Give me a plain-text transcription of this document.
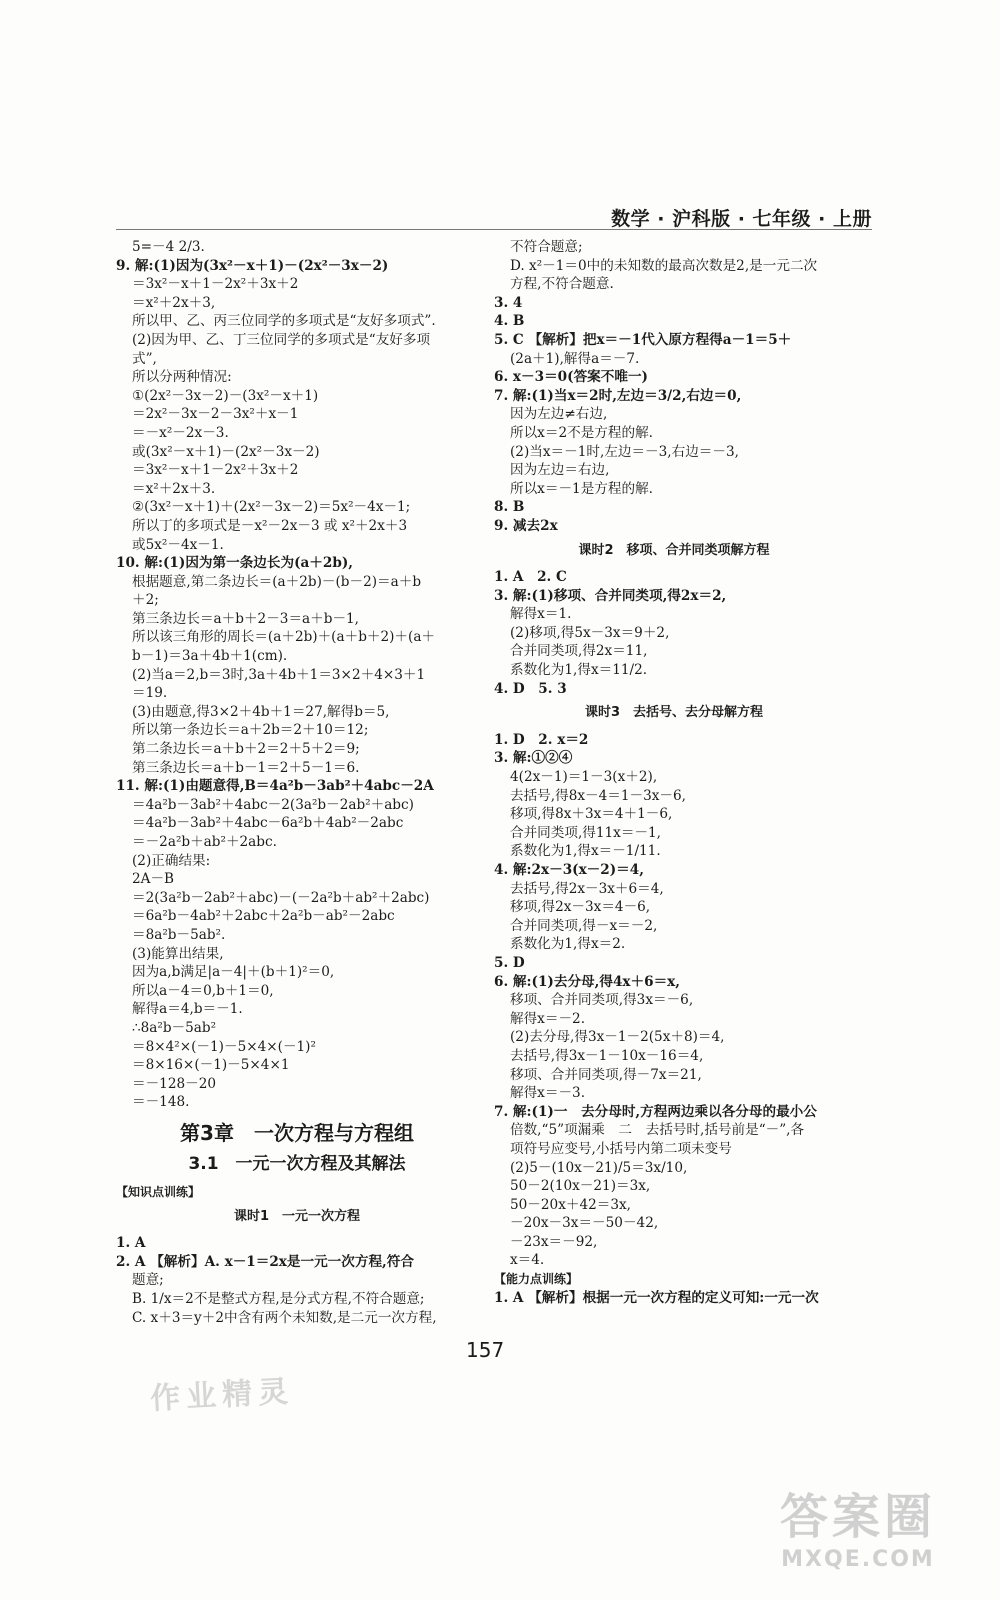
数学 · 沪科版 · 七年级 · 上册
5=－4 2/3.
9. 解:(1)因为(3x²－x＋1)－(2x²－3x－2)
＝3x²－x＋1－2x²＋3x＋2
＝x²＋2x＋3,
所以甲、乙、丙三位同学的多项式是“友好多项式”.
(2)因为甲、乙、丁三位同学的多项式是“友好多项
式”,
所以分两种情况:
①(2x²－3x－2)－(3x²－x＋1)
＝2x²－3x－2－3x²＋x－1
＝－x²－2x－3.
或(3x²－x＋1)－(2x²－3x－2)
＝3x²－x＋1－2x²＋3x＋2
＝x²＋2x＋3.
②(3x²－x＋1)＋(2x²－3x－2)＝5x²－4x－1;
所以丁的多项式是－x²－2x－3 或 x²＋2x＋3
或5x²－4x－1.
10. 解:(1)因为第一条边长为(a＋2b),
根据题意,第二条边长＝(a＋2b)－(b－2)＝a＋b
＋2;
第三条边长＝a＋b＋2－3＝a＋b－1,
所以该三角形的周长＝(a＋2b)＋(a＋b＋2)＋(a＋
b－1)＝3a＋4b＋1(cm).
(2)当a＝2,b＝3时,3a＋4b＋1＝3×2＋4×3＋1
＝19.
(3)由题意,得3×2＋4b＋1＝27,解得b＝5,
所以第一条边长＝a＋2b＝2＋10＝12;
第二条边长＝a＋b＋2＝2＋5＋2＝9;
第三条边长＝a＋b－1＝2＋5－1＝6.
11. 解:(1)由题意得,B＝4a²b－3ab²＋4abc－2A
＝4a²b－3ab²＋4abc－2(3a²b－2ab²＋abc)
＝4a²b－3ab²＋4abc－6a²b＋4ab²－2abc
＝－2a²b＋ab²＋2abc.
(2)正确结果:
2A－B
＝2(3a²b－2ab²＋abc)－(－2a²b＋ab²＋2abc)
＝6a²b－4ab²＋2abc＋2a²b－ab²－2abc
＝8a²b－5ab².
(3)能算出结果,
因为a,b满足|a－4|＋(b＋1)²＝0,
所以a－4＝0,b＋1＝0,
解得a＝4,b＝－1.
∴8a²b－5ab²
＝8×4²×(－1)－5×4×(－1)²
＝8×16×(－1)－5×4×1
＝－128－20
＝－148.
第3章　一次方程与方程组
3.1　一元一次方程及其解法
【知识点训练】
课时1　一元一次方程
1. A
2. A 【解析】A. x－1＝2x是一元一次方程,符合
题意;
B. 1/x＝2不是整式方程,是分式方程,不符合题意;
C. x＋3＝y＋2中含有两个未知数,是二元一次方程,
不符合题意;
D. x²－1＝0中的未知数的最高次数是2,是一元二次
方程,不符合题意.
3. 4
4. B
5. C 【解析】把x＝－1代入原方程得a－1＝5＋
(2a＋1),解得a＝－7.
6. x－3＝0(答案不唯一)
7. 解:(1)当x＝2时,左边＝3/2,右边＝0,
因为左边≠右边,
所以x＝2不是方程的解.
(2)当x＝－1时,左边＝－3,右边＝－3,
因为左边＝右边,
所以x＝－1是方程的解.
8. B
9. 减去2x
课时2　移项、合并同类项解方程
1. A　2. C
3. 解:(1)移项、合并同类项,得2x＝2,
解得x＝1.
(2)移项,得5x－3x＝9＋2,
合并同类项,得2x＝11,
系数化为1,得x＝11/2.
4. D　5. 3
课时3　去括号、去分母解方程
1. D　2. x＝2
3. 解:①②④
4(2x－1)＝1－3(x＋2),
去括号,得8x－4＝1－3x－6,
移项,得8x＋3x＝4＋1－6,
合并同类项,得11x＝－1,
系数化为1,得x＝－1/11.
4. 解:2x－3(x－2)＝4,
去括号,得2x－3x＋6＝4,
移项,得2x－3x＝4－6,
合并同类项,得－x＝－2,
系数化为1,得x＝2.
5. D
6. 解:(1)去分母,得4x＋6＝x,
移项、合并同类项,得3x＝－6,
解得x＝－2.
(2)去分母,得3x－1－2(5x＋8)＝4,
去括号,得3x－1－10x－16＝4,
移项、合并同类项,得－7x＝21,
解得x＝－3.
7. 解:(1)一　去分母时,方程两边乘以各分母的最小公
倍数,“5”项漏乘　二　去括号时,括号前是“－”,各
项符号应变号,小括号内第二项未变号
(2)5－(10x－21)/5＝3x/10,
50－2(10x－21)＝3x,
50－20x＋42＝3x,
－20x－3x＝－50－42,
－23x＝－92,
x＝4.
【能力点训练】
1. A 【解析】根据一元一次方程的定义可知:一元一次
157
作业精灵
答案圈
MXQE.COM
